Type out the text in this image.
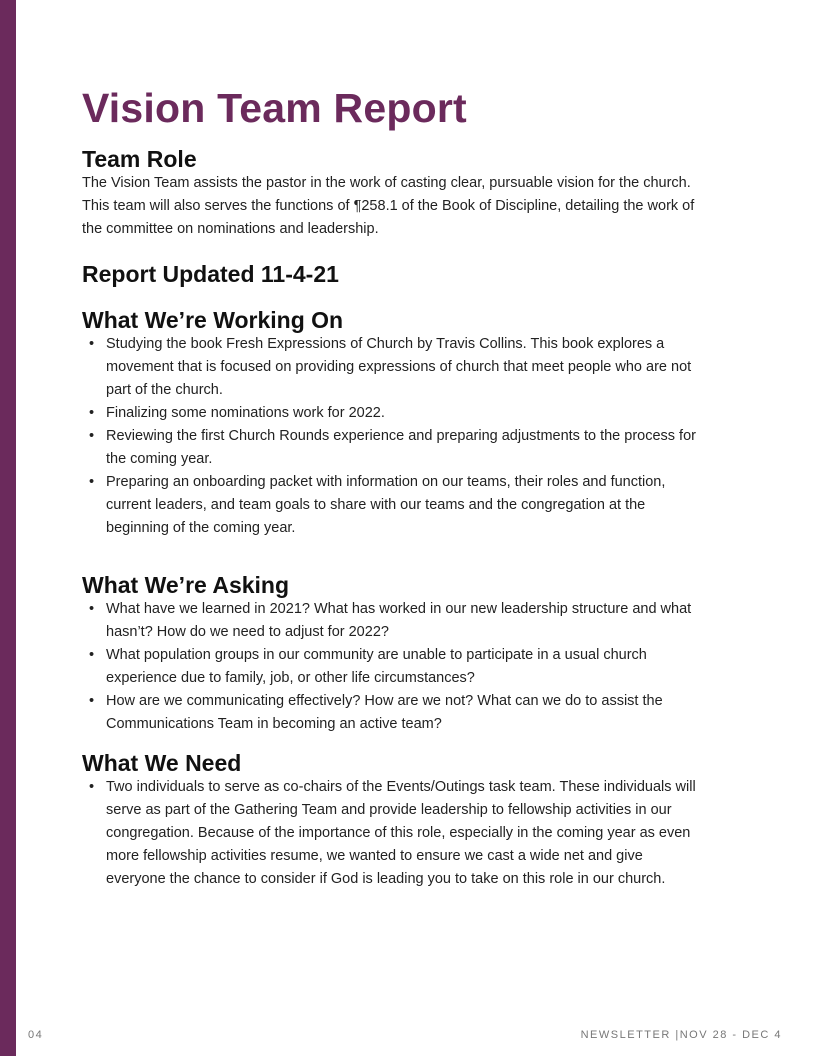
Vision Team Report
Team Role

The Vision Team assists the pastor in the work of casting clear, pursuable vision for the church. This team will also serves the functions of ¶258.1 of the Book of Discipline, detailing the work of the committee on nominations and leadership.

Report Updated 11-4-21
What We’re Working On
• Studying the book Fresh Expressions of Church by Travis Collins. This book explores a movement that is focused on providing expressions of church that meet people who are not part of the church.
• Finalizing some nominations work for 2022.
• Reviewing the first Church Rounds experience and preparing adjustments to the process for the coming year.
• Preparing an onboarding packet with information on our teams, their roles and function, current leaders, and team goals to share with our teams and the congregation at the beginning of the coming year.
What We’re Asking
• What have we learned in 2021? What has worked in our new leadership structure and what hasn’t? How do we need to adjust for 2022?
• What population groups in our community are unable to participate in a usual church experience due to family, job, or other life circumstances?
• How are we communicating effectively? How are we not? What can we do to assist the Communications Team in becoming an active team?
What We Need
• Two individuals to serve as co-chairs of the Events/Outings task team. These individuals will serve as part of the Gathering Team and provide leadership to fellowship activities in our congregation. Because of the importance of this role, especially in the coming year as even more fellowship activities resume, we wanted to ensure we cast a wide net and give everyone the chance to consider if God is leading you to take on this role in our church.
04	NEWSLETTER |NOV 28 - DEC 4
